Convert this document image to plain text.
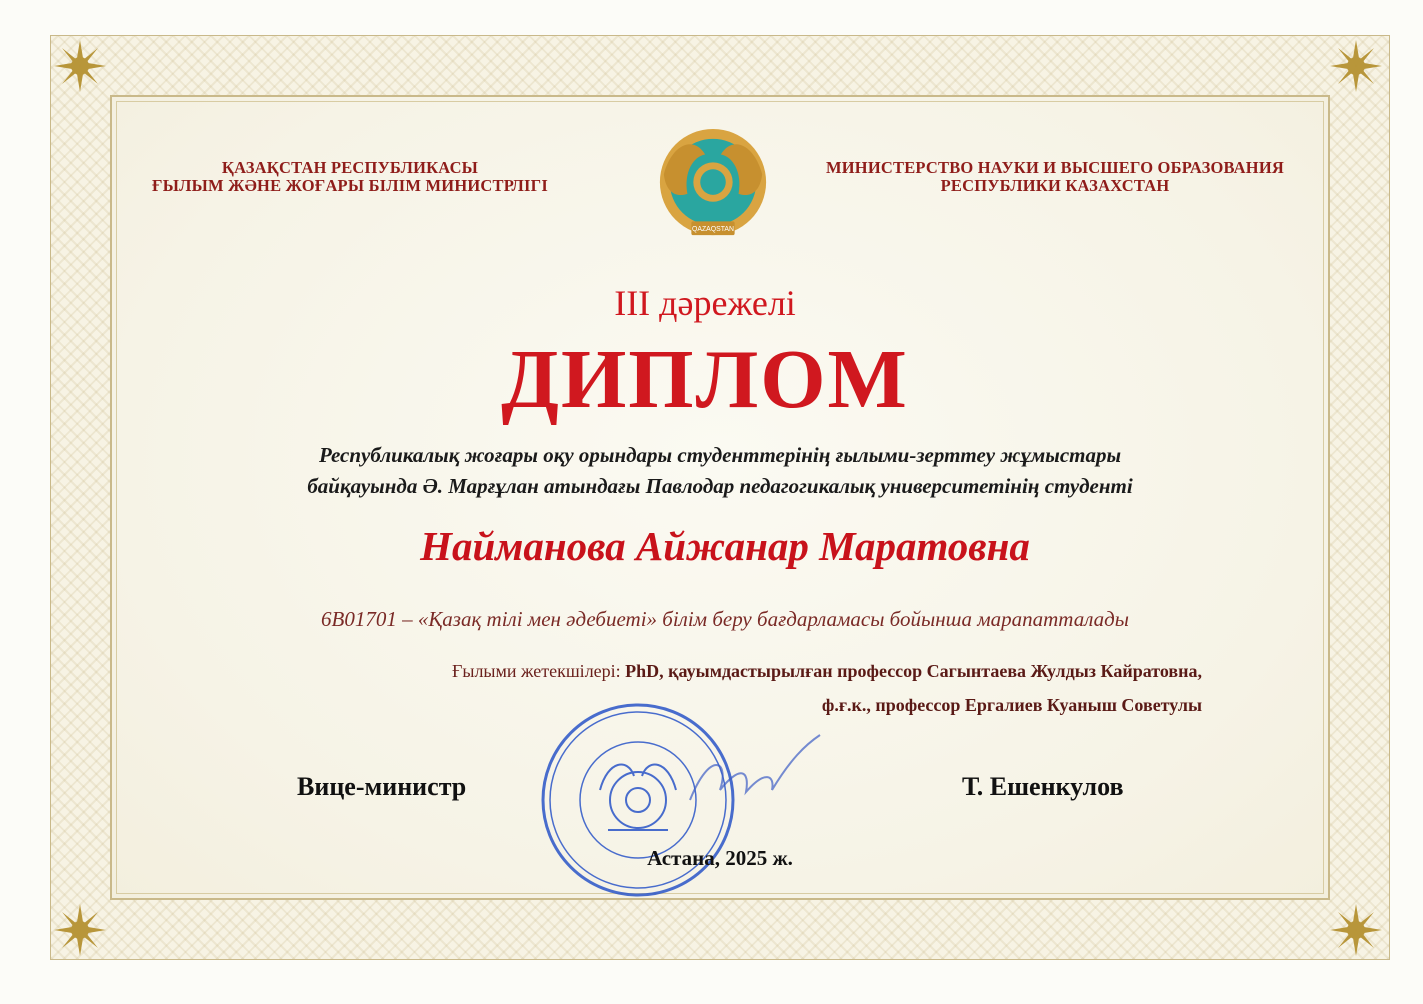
ҚАЗАҚСТАН РЕСПУБЛИКАСЫ
ҒЫЛЫМ ЖӘНЕ ЖОҒАРЫ БІЛІМ МИНИСТРЛІГІ
QAZAQSTAN
МИНИСТЕРСТВО НАУКИ И ВЫСШЕГО ОБРАЗОВАНИЯ
РЕСПУБЛИКИ КАЗАХСТАН
III дәрежелі
ДИПЛОМ
Республикалық жоғары оқу орындары студенттерінің ғылыми-зерттеу жұмыстары
байқауында Ә. Марғұлан атындағы Павлодар педагогикалық университетінің студенті
Найманова Айжанар Маратовна
6В01701 – «Қазақ тілі мен әдебиеті» білім беру бағдарламасы бойынша марапатталады
Ғылыми жетекшілері: PhD, қауымдастырылған профессор Сагынтаева Жулдыз Кайратовна,
ф.ғ.к., профессор Ергалиев Куаныш Советулы
Вице-министр	Т. Ешенкулов
Астана, 2025 ж.
